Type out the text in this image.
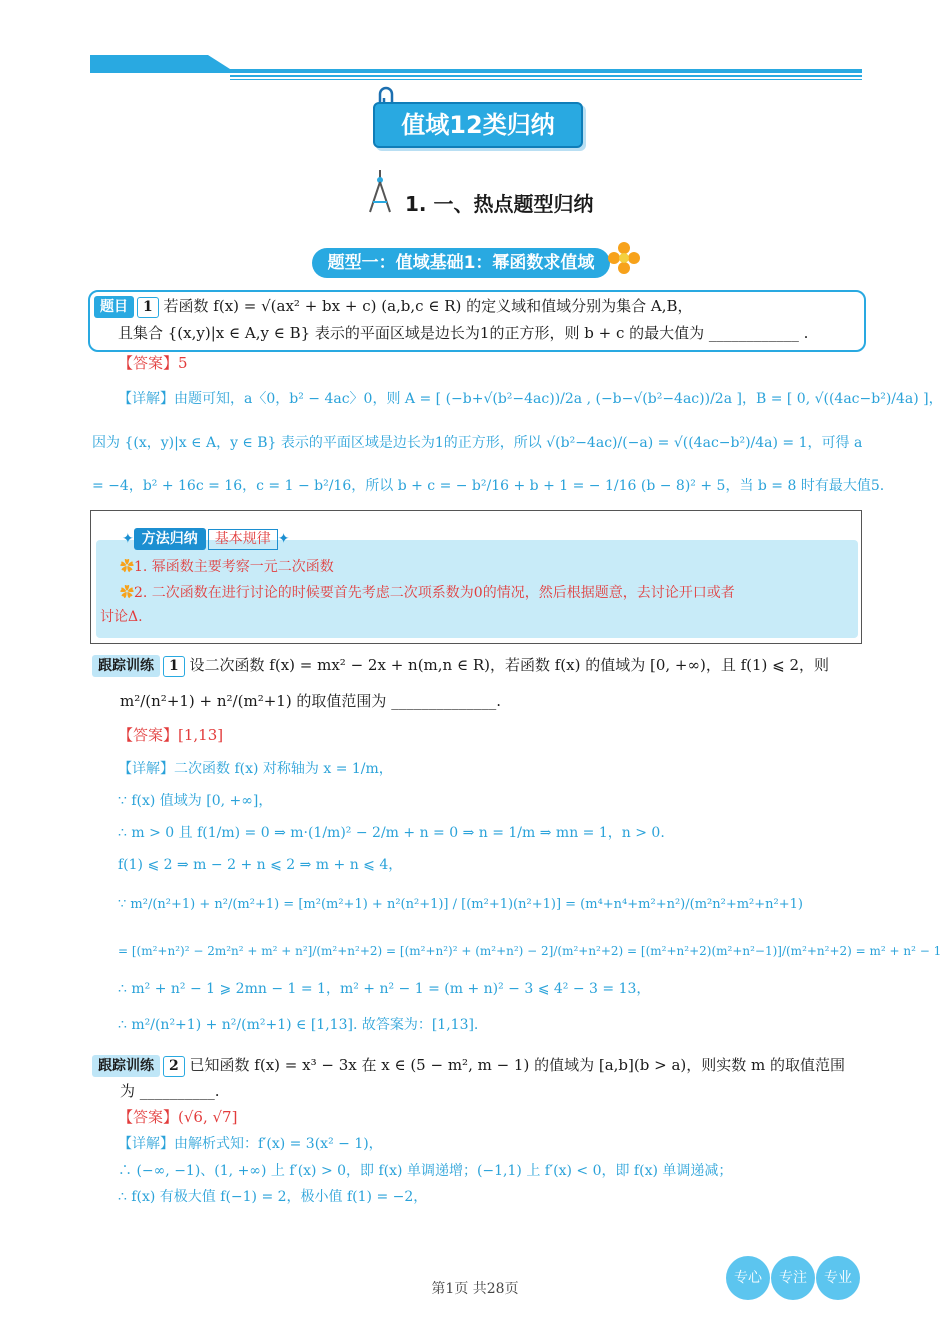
值域12类归纳
1. 一、热点题型归纳
题型一：值域基础1：幂函数求值域
题目 1 若函数 f(x) = √(ax² + bx + c) (a,b,c ∈ R) 的定义域和值域分别为集合 A,B，
且集合 {(x,y)|x ∈ A,y ∈ B} 表示的平面区域是边长为1的正方形，则 b + c 的最大值为 ____________ .
【答案】5
【详解】由题可知，a〈0，b² − 4ac〉0，则 A = [ (−b+√(b²−4ac))/2a , (−b−√(b²−4ac))/2a ]，B = [ 0, √((4ac−b²)/4a) ]，
因为 {(x，y)|x ∈ A，y ∈ B} 表示的平面区域是边长为1的正方形，所以 √(b²−4ac)/(−a) = √((4ac−b²)/4a) = 1，可得 a
= −4，b² + 16c = 16，c = 1 − b²/16，所以 b + c = − b²/16 + b + 1 = − 1/16 (b − 8)² + 5，当 b = 8 时有最大值5.
✦ 方法归纳 基本规律 ✦
✿1. 幂函数主要考察一元二次函数
✿2. 二次函数在进行讨论的时候要首先考虑二次项系数为0的情况，然后根据题意，去讨论开口或者
讨论Δ.
跟踪训练 1 设二次函数 f(x) = mx² − 2x + n(m,n ∈ R)，若函数 f(x) 的值域为 [0, +∞)，且 f(1) ⩽ 2，则
m²/(n²+1) + n²/(m²+1) 的取值范围为 ______________.
【答案】[1,13]
【详解】二次函数 f(x) 对称轴为 x = 1/m，
∵ f(x) 值域为 [0, +∞]，
∴ m > 0 且 f(1/m) = 0 ⇒ m·(1/m)² − 2/m + n = 0 ⇒ n = 1/m ⇒ mn = 1，n > 0.
f(1) ⩽ 2 ⇒ m − 2 + n ⩽ 2 ⇒ m + n ⩽ 4，
∵ m²/(n²+1) + n²/(m²+1) = [m²(m²+1) + n²(n²+1)] / [(m²+1)(n²+1)] = (m⁴+n⁴+m²+n²)/(m²n²+m²+n²+1)
= [(m²+n²)² − 2m²n² + m² + n²]/(m²+n²+2) = [(m²+n²)² + (m²+n²) − 2]/(m²+n²+2) = [(m²+n²+2)(m²+n²−1)]/(m²+n²+2) = m² + n² − 1
∴ m² + n² − 1 ⩾ 2mn − 1 = 1，m² + n² − 1 = (m + n)² − 3 ⩽ 4² − 3 = 13，
∴ m²/(n²+1) + n²/(m²+1) ∈ [1,13]. 故答案为：[1,13].
跟踪训练 2 已知函数 f(x) = x³ − 3x 在 x ∈ (5 − m², m − 1) 的值域为 [a,b](b > a)，则实数 m 的取值范围
为 __________.
【答案】(√6, √7]
【详解】由解析式知：f′(x) = 3(x² − 1)，
∴ (−∞, −1)、(1, +∞) 上 f′(x) > 0，即 f(x) 单调递增；(−1,1) 上 f′(x) < 0，即 f(x) 单调递减；
∴ f(x) 有极大值 f(−1) = 2，极小值 f(1) = −2，
第1页 共28页
专心	专注	专业
